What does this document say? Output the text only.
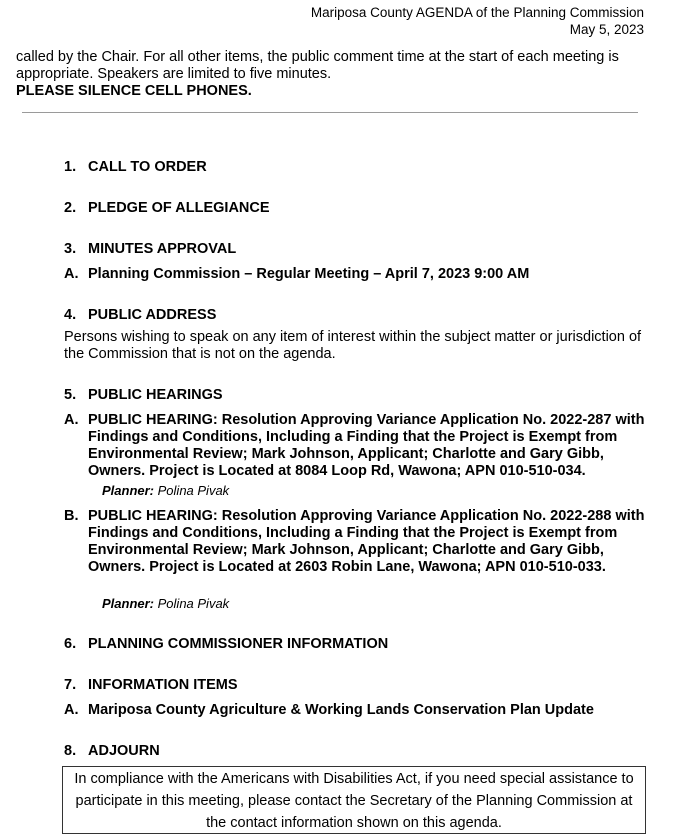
Mariposa County AGENDA of the Planning Commission
May 5, 2023
called by the Chair. For all other items, the public comment time at the start of each meeting is appropriate. Speakers are limited to five minutes.
PLEASE SILENCE CELL PHONES.
1. CALL TO ORDER
2. PLEDGE OF ALLEGIANCE
3. MINUTES APPROVAL
A. Planning Commission – Regular Meeting – April 7, 2023 9:00 AM
4. PUBLIC ADDRESS
Persons wishing to speak on any item of interest within the subject matter or jurisdiction of the Commission that is not on the agenda.
5. PUBLIC HEARINGS
A. PUBLIC HEARING: Resolution Approving Variance Application No. 2022-287 with Findings and Conditions, Including a Finding that the Project is Exempt from Environmental Review; Mark Johnson, Applicant; Charlotte and Gary Gibb, Owners. Project is Located at 8084 Loop Rd, Wawona; APN 010-510-034.
Planner: Polina Pivak
B. PUBLIC HEARING: Resolution Approving Variance Application No. 2022-288 with Findings and Conditions, Including a Finding that the Project is Exempt from Environmental Review; Mark Johnson, Applicant; Charlotte and Gary Gibb, Owners. Project is Located at 2603 Robin Lane, Wawona; APN 010-510-033.
Planner: Polina Pivak
6. PLANNING COMMISSIONER INFORMATION
7. INFORMATION ITEMS
A. Mariposa County Agriculture & Working Lands Conservation Plan Update
8. ADJOURN
In compliance with the Americans with Disabilities Act, if you need special assistance to participate in this meeting, please contact the Secretary of the Planning Commission at the contact information shown on this agenda.
